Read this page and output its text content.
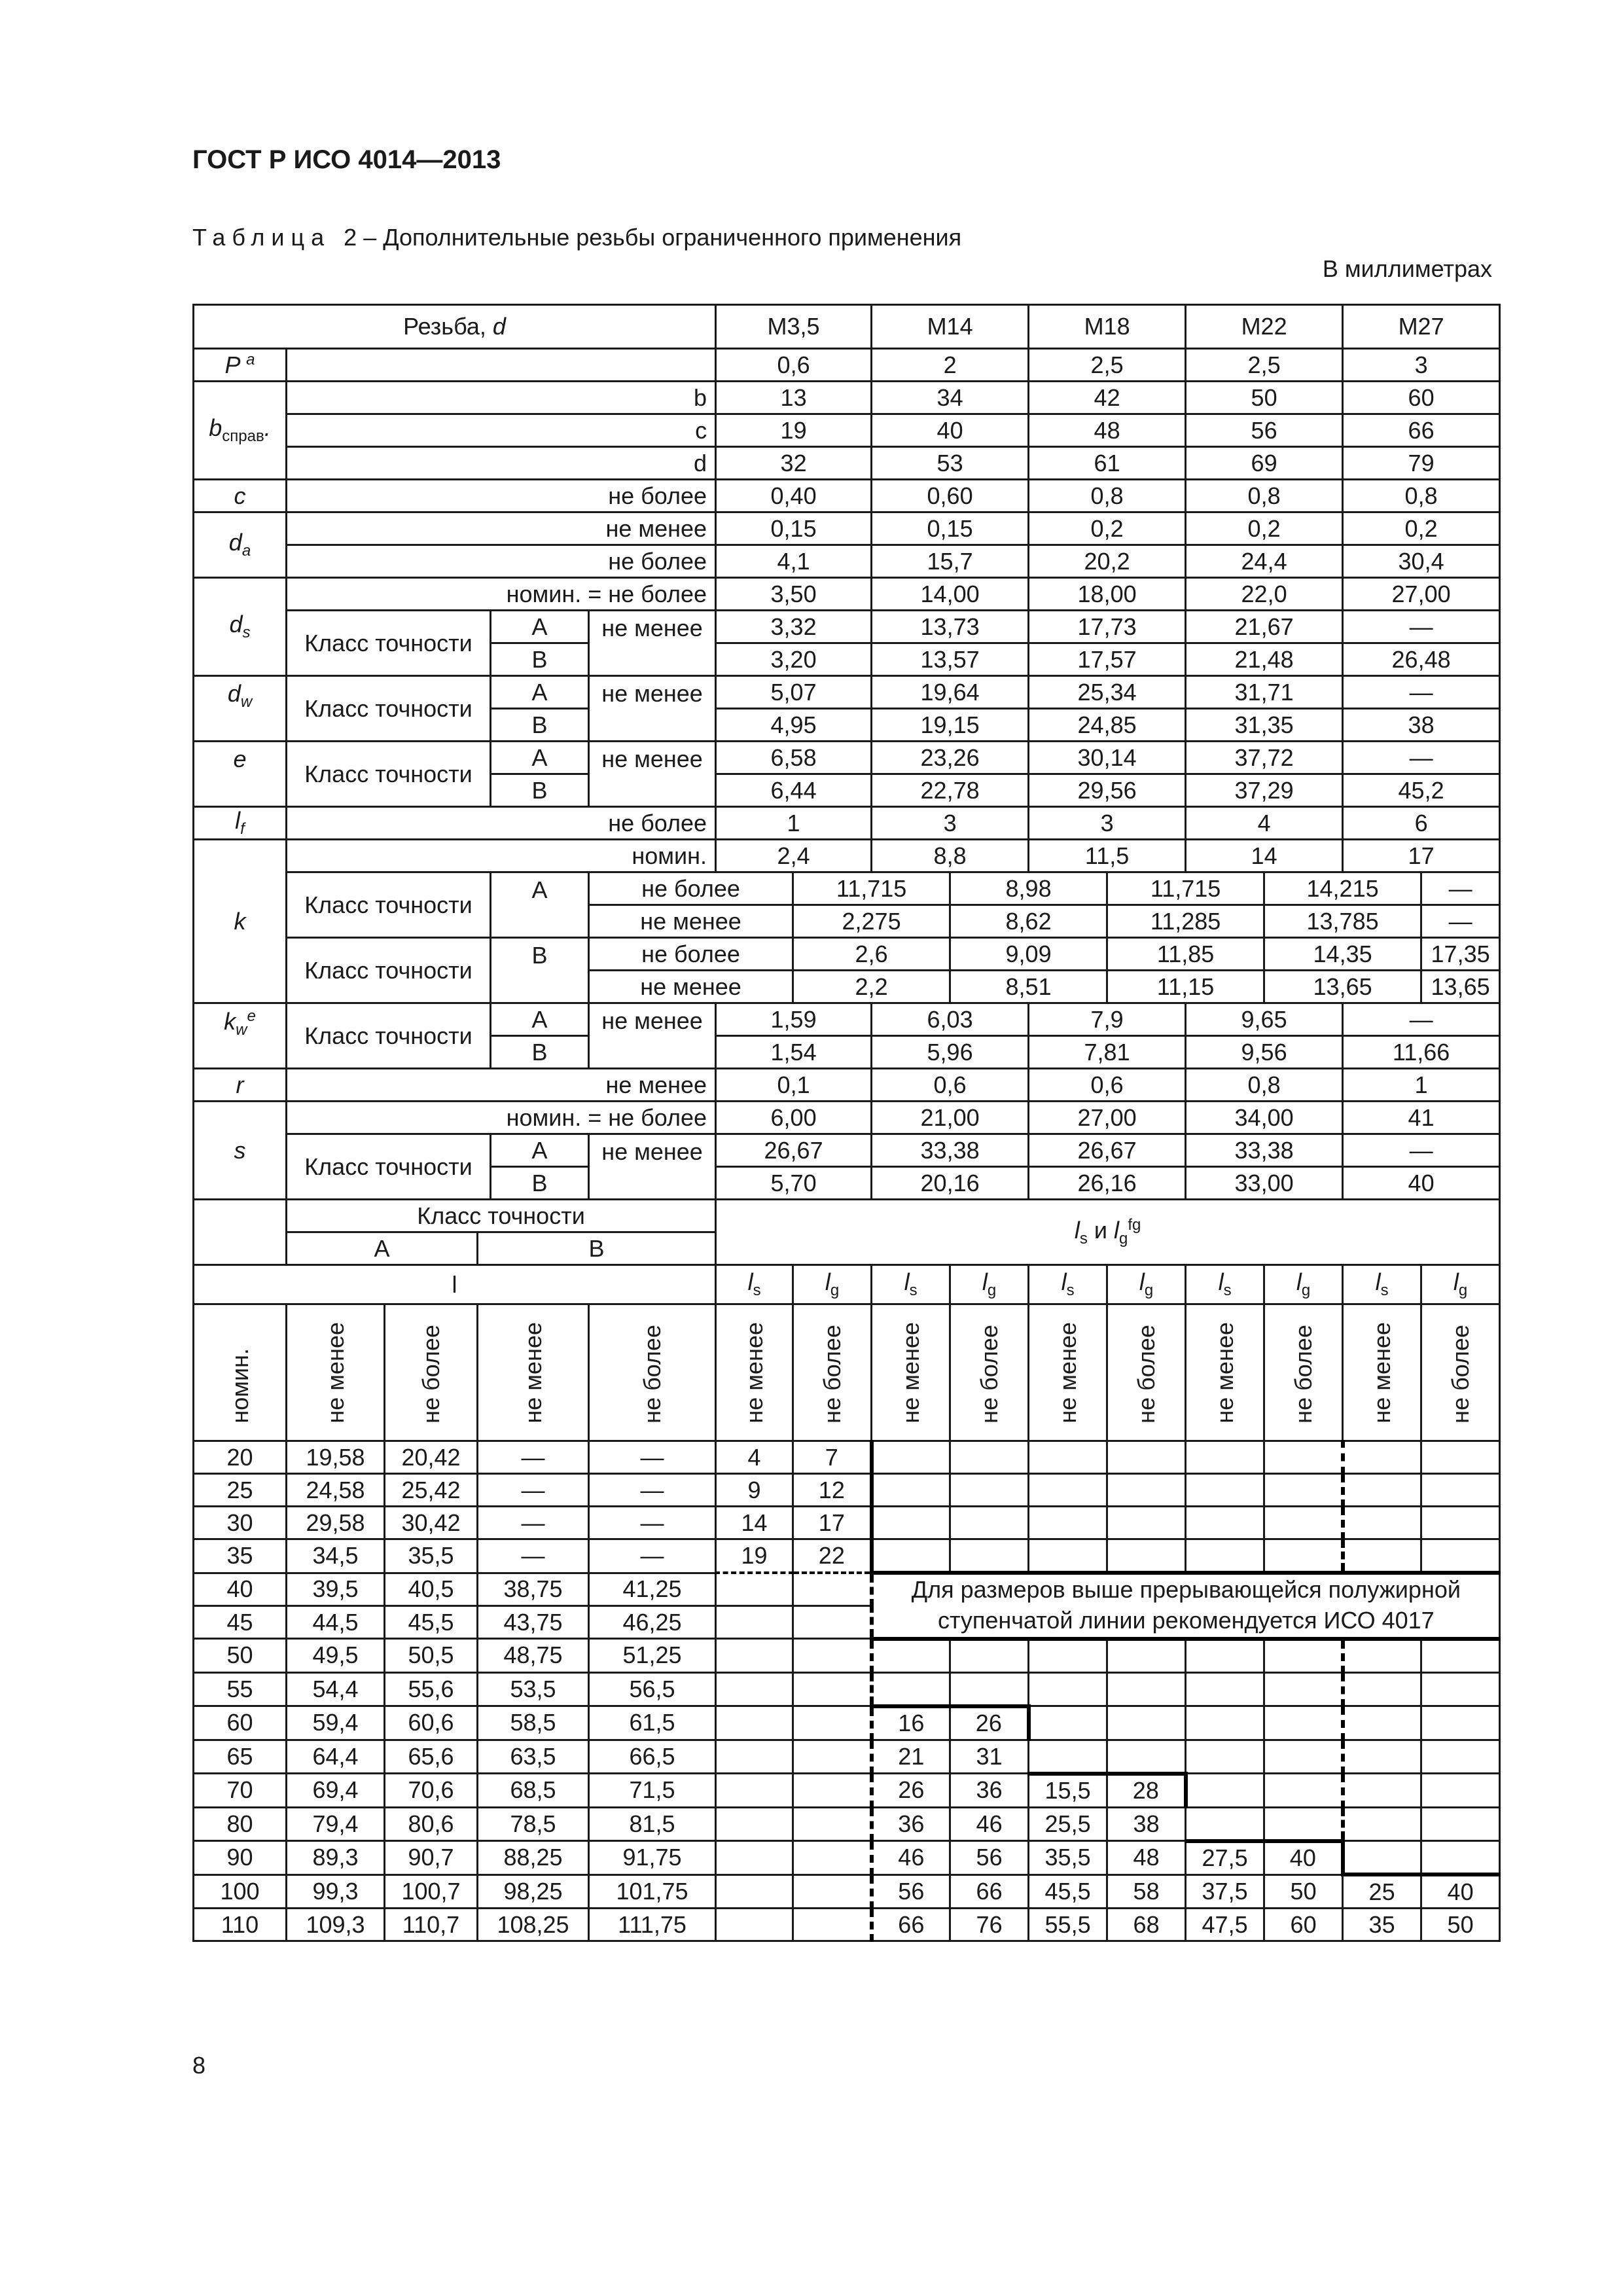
ГОСТ Р ИСО 4014—2013
Таблица 2 – Дополнительные резьбы ограниченного применения
В миллиметрах
Резьба, d						M3,5		M14		M18		M22		M27	
P $^a$						0,6		2		2,5		2,5		3	
$b_{справ}$.	b					13		34		42		50		60	
	c					19		40		48		56		66	
	d					32		53		61		69		79	
c	не более					0,40		0,60		0,8		0,8		0,8	
$d_a$	не менее					0,15		0,15		0,2		0,2		0,2	
	не более					4,1		15,7		20,2		24,4		30,4	
$d_s$	номин. = не более					3,50		14,00		18,00		22,0		27,00	
	Класс точности			A	не менее	3,32		13,73		17,73		21,67		—	
				B		3,20		13,57		17,57		21,48		26,48	
$d_w$	Класс точности			A	не менее	5,07		19,64		25,34		31,71		—	
				B		4,95		19,15		24,85		31,35		38	
e	Класс точности			A	не менее	6,58		23,26		30,14		37,72		—	
				B		6,44		22,78		29,56		37,29		45,2	
$l_f$	не более					1		3		3		4		6	
k	номин.					2,4		8,8		11,5		14		17	
	Класс точности			A	не более		11,715		8,98		11,715		14,215		—
					не менее		2,275		8,62		11,285		13,785		—
	Класс точности			B	не более		2,6		9,09		11,85		14,35		17,35
					не менее		2,2		8,51		11,15		13,65		13,65
$k_w^e$	Класс точности			A	не менее	1,59		6,03		7,9		9,65		—	
				B		1,54		5,96		7,81		9,56		11,66	
r	не менее					0,1		0,6		0,6		0,8		1	
s	номин. = не более					6,00		21,00		27,00		34,00		41	
	Класс точности			A	не менее	26,67		33,38		26,67		33,38		—	
				B		5,70		20,16		26,16		33,00		40	
	Класс точности					$l_s$ и $l_g^{fg}$
	A		B												
l						$l_s$	$l_g$	$l_s$	$l_g$	$l_s$	$l_g$	$l_s$	$l_g$	$l_s$	$l_g$
номин.	не менее	не более	не менее		не более	не менее	не более	не менее	не более	не менее	не более	не менее	не более	не менее	не более
20	19,58	20,42	—		—	4	7								
25	24,58	25,42	—		—	9	12								
30	29,58	30,42	—		—	14	17								
35	34,5	35,5	—		—	19	22								
40	39,5	40,5	38,75		41,25			Для размеров выше прерывающейся полужирной ступенчатой линии рекомендуется ИСО 4017							

45	44,5	45,5	43,75		46,25										
50	49,5	50,5	48,75		51,25										
55	54,4	55,6	53,5		56,5										
60	59,4	60,6	58,5		61,5			16	26						
65	64,4	65,6	63,5		66,5			21	31						
70	69,4	70,6	68,5		71,5			26	36	15,5	28				
80	79,4	80,6	78,5		81,5			36	46	25,5	38				
90	89,3	90,7	88,25		91,75			46	56	35,5	48	27,5	40		
100	99,3	100,7	98,25		101,75			56	66	45,5	58	37,5	50	25	40
110	109,3	110,7	108,25		111,75			66	76	55,5	68	47,5	60	35	50
8
